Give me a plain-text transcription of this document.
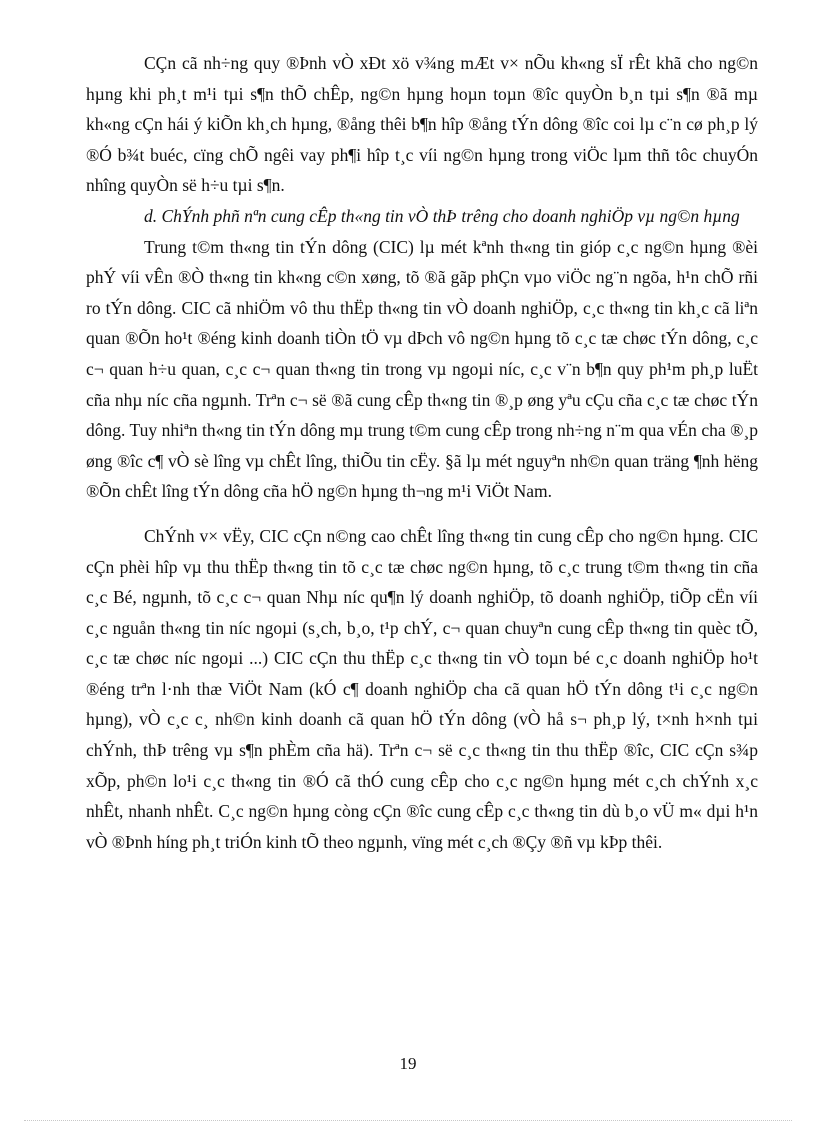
CÇn cã nh÷ng quy ®Þnh vÒ xÐt xö v¾ng mÆt v× nÕu kh«ng sÏ rÊt khã cho ng©n hµng khi ph¸t m¹i tµi s¶n thÕ chÊp, ng©n hµng hoµn toµn ®îc quyÒn b¸n tµi s¶n ®ã mµ kh«ng cÇn hái ý kiÕn kh¸ch hµng, ®ång thêi b¶n hîp ®ång tÝn dông ®îc coi lµ c¨n cø ph¸p lý ®Ó b¾t buéc, cïng chÕ ngêi vay ph¶i hîp t¸c víi ng©n hµng trong viÖc lµm thñ tôc chuyÓn nhîng quyÒn së h÷u tµi s¶n.

d. ChÝnh phñ nªn cung cÊp th«ng tin vÒ thÞ trêng cho doanh nghiÖp vµ ng©n hµng

Trung t©m th«ng tin tÝn dông (CIC) lµ mét kªnh th«ng tin gióp c¸c ng©n hµng ®èi phÝ víi vÊn ®Ò th«ng tin kh«ng c©n xøng, tõ ®ã gãp phÇn vµo viÖc ng¨n ngõa, h¹n chÕ rñi ro tÝn dông. CIC cã nhiÖm vô thu thËp th«ng tin vÒ doanh nghiÖp, c¸c th«ng tin kh¸c cã liªn quan ®Õn ho¹t ®éng kinh doanh tiÒn tÖ vµ dÞch vô ng©n hµng tõ c¸c tæ chøc tÝn dông, c¸c c¬ quan h÷u quan, c¸c c¬ quan th«ng tin trong vµ ngoµi níc, c¸c v¨n b¶n quy ph¹m ph¸p luËt cña nhµ níc cña ngµnh. Trªn c¬ së ®ã cung cÊp th«ng tin ®¸p øng yªu cÇu cña c¸c tæ chøc tÝn dông. Tuy nhiªn th«ng tin tÝn dông mµ trung t©m cung cÊp trong nh÷ng n¨m qua vÉn cha ®¸p øng ®îc c¶ vÒ sè lîng vµ chÊt lîng, thiÕu tin cËy. §ã lµ mét nguyªn nh©n quan träng ¶nh hëng ®Õn chÊt lîng tÝn dông cña hÖ ng©n hµng th¬ng m¹i ViÖt Nam.

ChÝnh v× vËy, CIC cÇn n©ng cao chÊt lîng th«ng tin cung cÊp cho ng©n hµng. CIC cÇn phèi hîp vµ thu thËp th«ng tin tõ c¸c tæ chøc ng©n hµng, tõ c¸c trung t©m th«ng tin cña c¸c Bé, ngµnh, tõ c¸c c¬ quan Nhµ níc qu¶n lý doanh nghiÖp, tõ doanh nghiÖp, tiÕp cËn víi c¸c nguån th«ng tin níc ngoµi (s¸ch, b¸o, t¹p chÝ, c¬ quan chuyªn cung cÊp th«ng tin quèc tÕ, c¸c tæ chøc níc ngoµi ...) CIC cÇn thu thËp c¸c th«ng tin vÒ toµn bé c¸c doanh nghiÖp ho¹t ®éng trªn l·nh thæ ViÖt Nam (kÓ c¶ doanh nghiÖp cha cã quan hÖ tÝn dông t¹i c¸c ng©n hµng), vÒ c¸c c¸ nh©n kinh doanh cã quan hÖ tÝn dông (vÒ hå s¬ ph¸p lý, t×nh h×nh tµi chÝnh, thÞ trêng vµ s¶n phÈm cña hä). Trªn c¬ së c¸c th«ng tin thu thËp ®îc, CIC cÇn s¾p xÕp, ph©n lo¹i c¸c th«ng tin ®Ó cã thÓ cung cÊp cho c¸c ng©n hµng mét c¸ch chÝnh x¸c nhÊt, nhanh nhÊt. C¸c ng©n hµng còng cÇn ®îc cung cÊp c¸c th«ng tin dù b¸o vÜ m« dµi h¹n vÒ ®Þnh híng ph¸t triÓn kinh tÕ theo ngµnh, vïng mét c¸ch ®Çy ®ñ vµ kÞp thêi.

19
